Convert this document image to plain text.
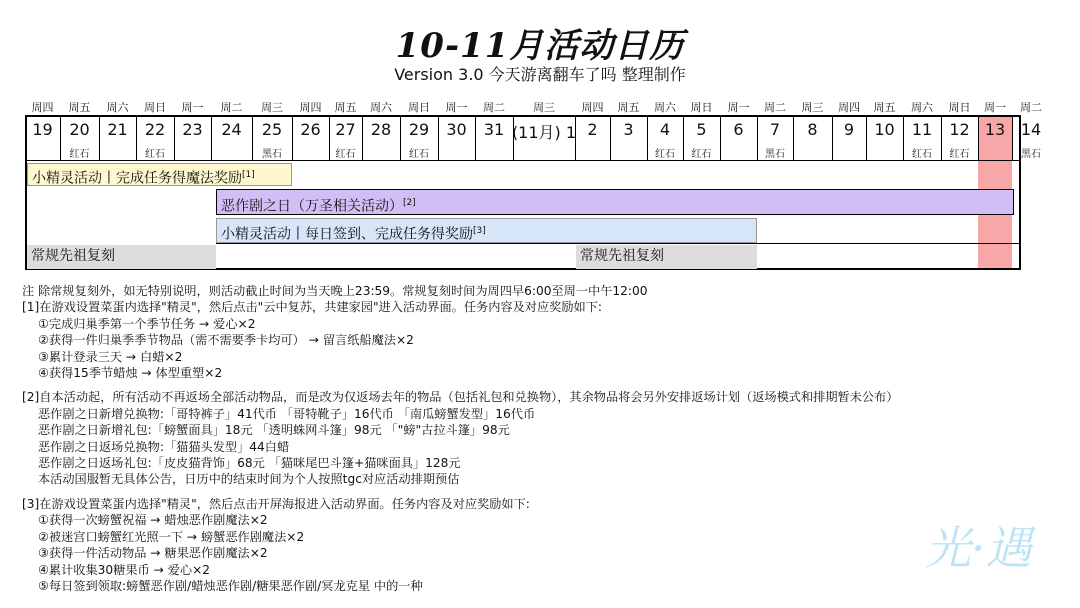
10-11月活动日历
Version 3.0 今天游离翻车了吗 整理制作
周四 周五 周六 周日 周一 周二 周三 周四 周五 周六 周日 周一 周二	周三 周四 周五 周六 周日 周一 周二 周三 周四 周五 周六 周日 周一 周二
19 20
红石
21 22
红石
23 24 25
黑石
26 27
红石
28 29
红石
30 31 (11月) 1 2 3 4
红石
5
红石
6 7
黑石
8 9 10 11
红石
12
红石
13 14
黑石
小精灵活动丨完成任务得魔法奖励[1]
恶作剧之日（万圣相关活动）[2]
小精灵活动丨每日签到、完成任务得奖励[3]
常规先祖复刻	常规先祖复刻
注 除常规复刻外，如无特别说明，则活动截止时间为当天晚上23:59。常规复刻时间为周四早6:00至周一中午12:00
[1]在游戏设置菜蛋内选择"精灵"，然后点击"云中复苏，共建家园"进入活动界面。任务内容及对应奖励如下:
①完成归巢季第一个季节任务 → 爱心×2
②获得一件归巢季季节物品（需不需要季卡均可） → 留言纸船魔法×2
③累计登录三天 → 白蜡×2
④获得15季节蜡烛 → 体型重塑×2
[2]自本活动起，所有活动不再返场全部活动物品，而是改为仅返场去年的物品（包括礼包和兑换物），其余物品将会另外安排返场计划（返场模式和排期暂未公布）
恶作剧之日新增兑换物:「哥特裤子」41代币 「哥特靴子」16代币 「南瓜螃蟹发型」16代币
恶作剧之日新增礼包:「螃蟹面具」18元 「透明蛛网斗篷」98元 「"螃"古拉斗篷」98元
恶作剧之日返场兑换物:「猫猫头发型」44白蜡
恶作剧之日返场礼包:「皮皮猫背饰」68元 「猫咪尾巴斗篷+猫咪面具」128元
本活动国服暂无具体公告，日历中的结束时间为个人按照tgc对应活动排期预估
[3]在游戏设置菜蛋内选择"精灵"，然后点击开屏海报进入活动界面。任务内容及对应奖励如下:
①获得一次螃蟹祝福 → 蜡烛恶作剧魔法×2
②被迷宫口螃蟹红光照一下 → 螃蟹恶作剧魔法×2
③获得一件活动物品 → 糖果恶作剧魔法×2
④累计收集30糖果币 → 爱心×2
⑤每日签到领取:螃蟹恶作剧/蜡烛恶作剧/糖果恶作剧/冥龙克星 中的一种
光·遇
